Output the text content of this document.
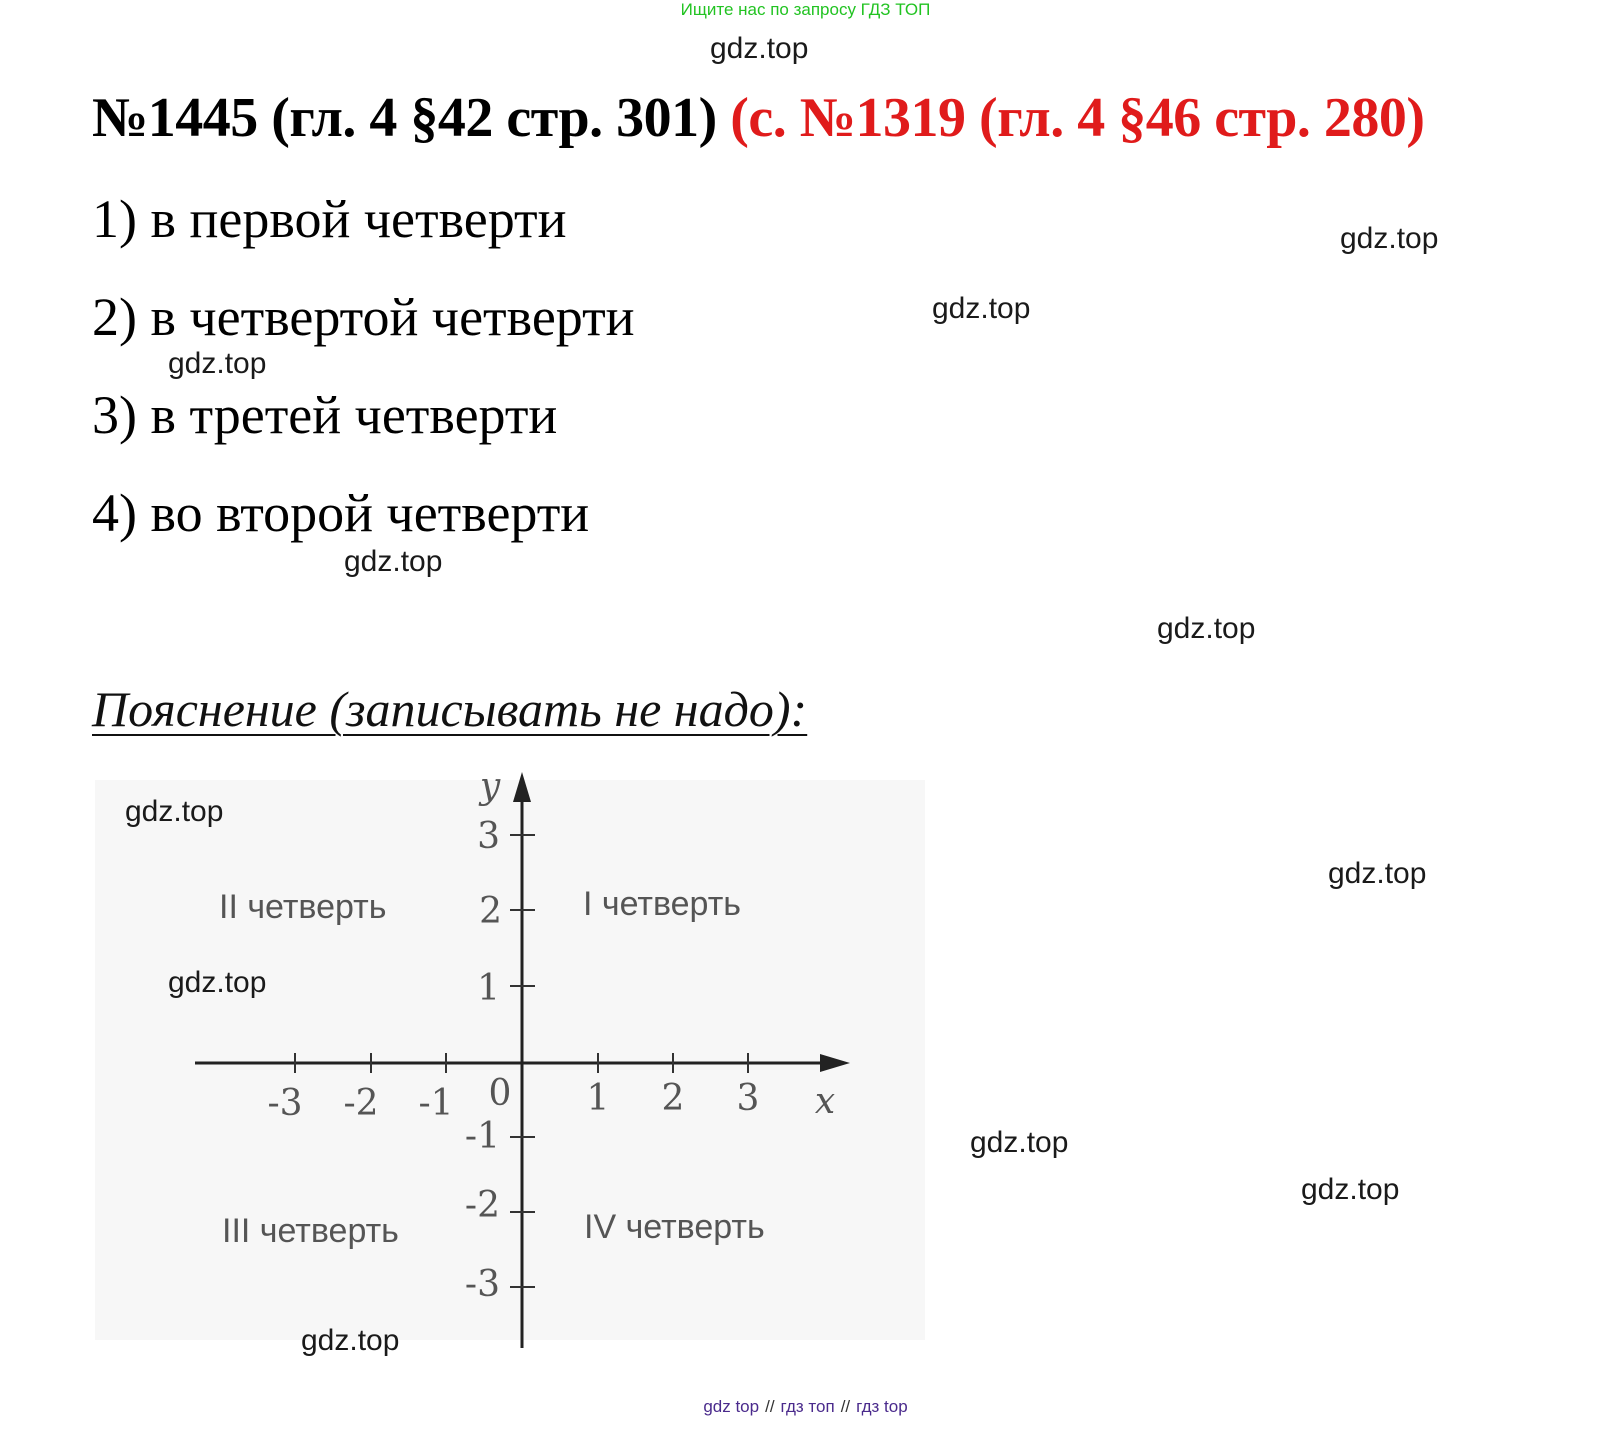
Ищите нас по запросу ГДЗ ТОП
gdz.top
gdz.top
gdz.top
gdz.top
gdz.top
gdz.top
№1445 (гл. 4 §42 стр. 301) (с. №1319 (гл. 4 §46 стр. 280)
1) в первой четверти
2) в четвертой четверти
3) в третей четверти
4) во второй четверти
Пояснение (записывать не надо):
-3 -2 -1 0 1 2 3 x
3
2
1
-1
-2
-3
y
I четверть
II четверть
III четверть	IV четверть
gdz.top
gdz.top
gdz.top
gdz.top
gdz.top
gdz.top
gdz top // гдз топ // гдз top
